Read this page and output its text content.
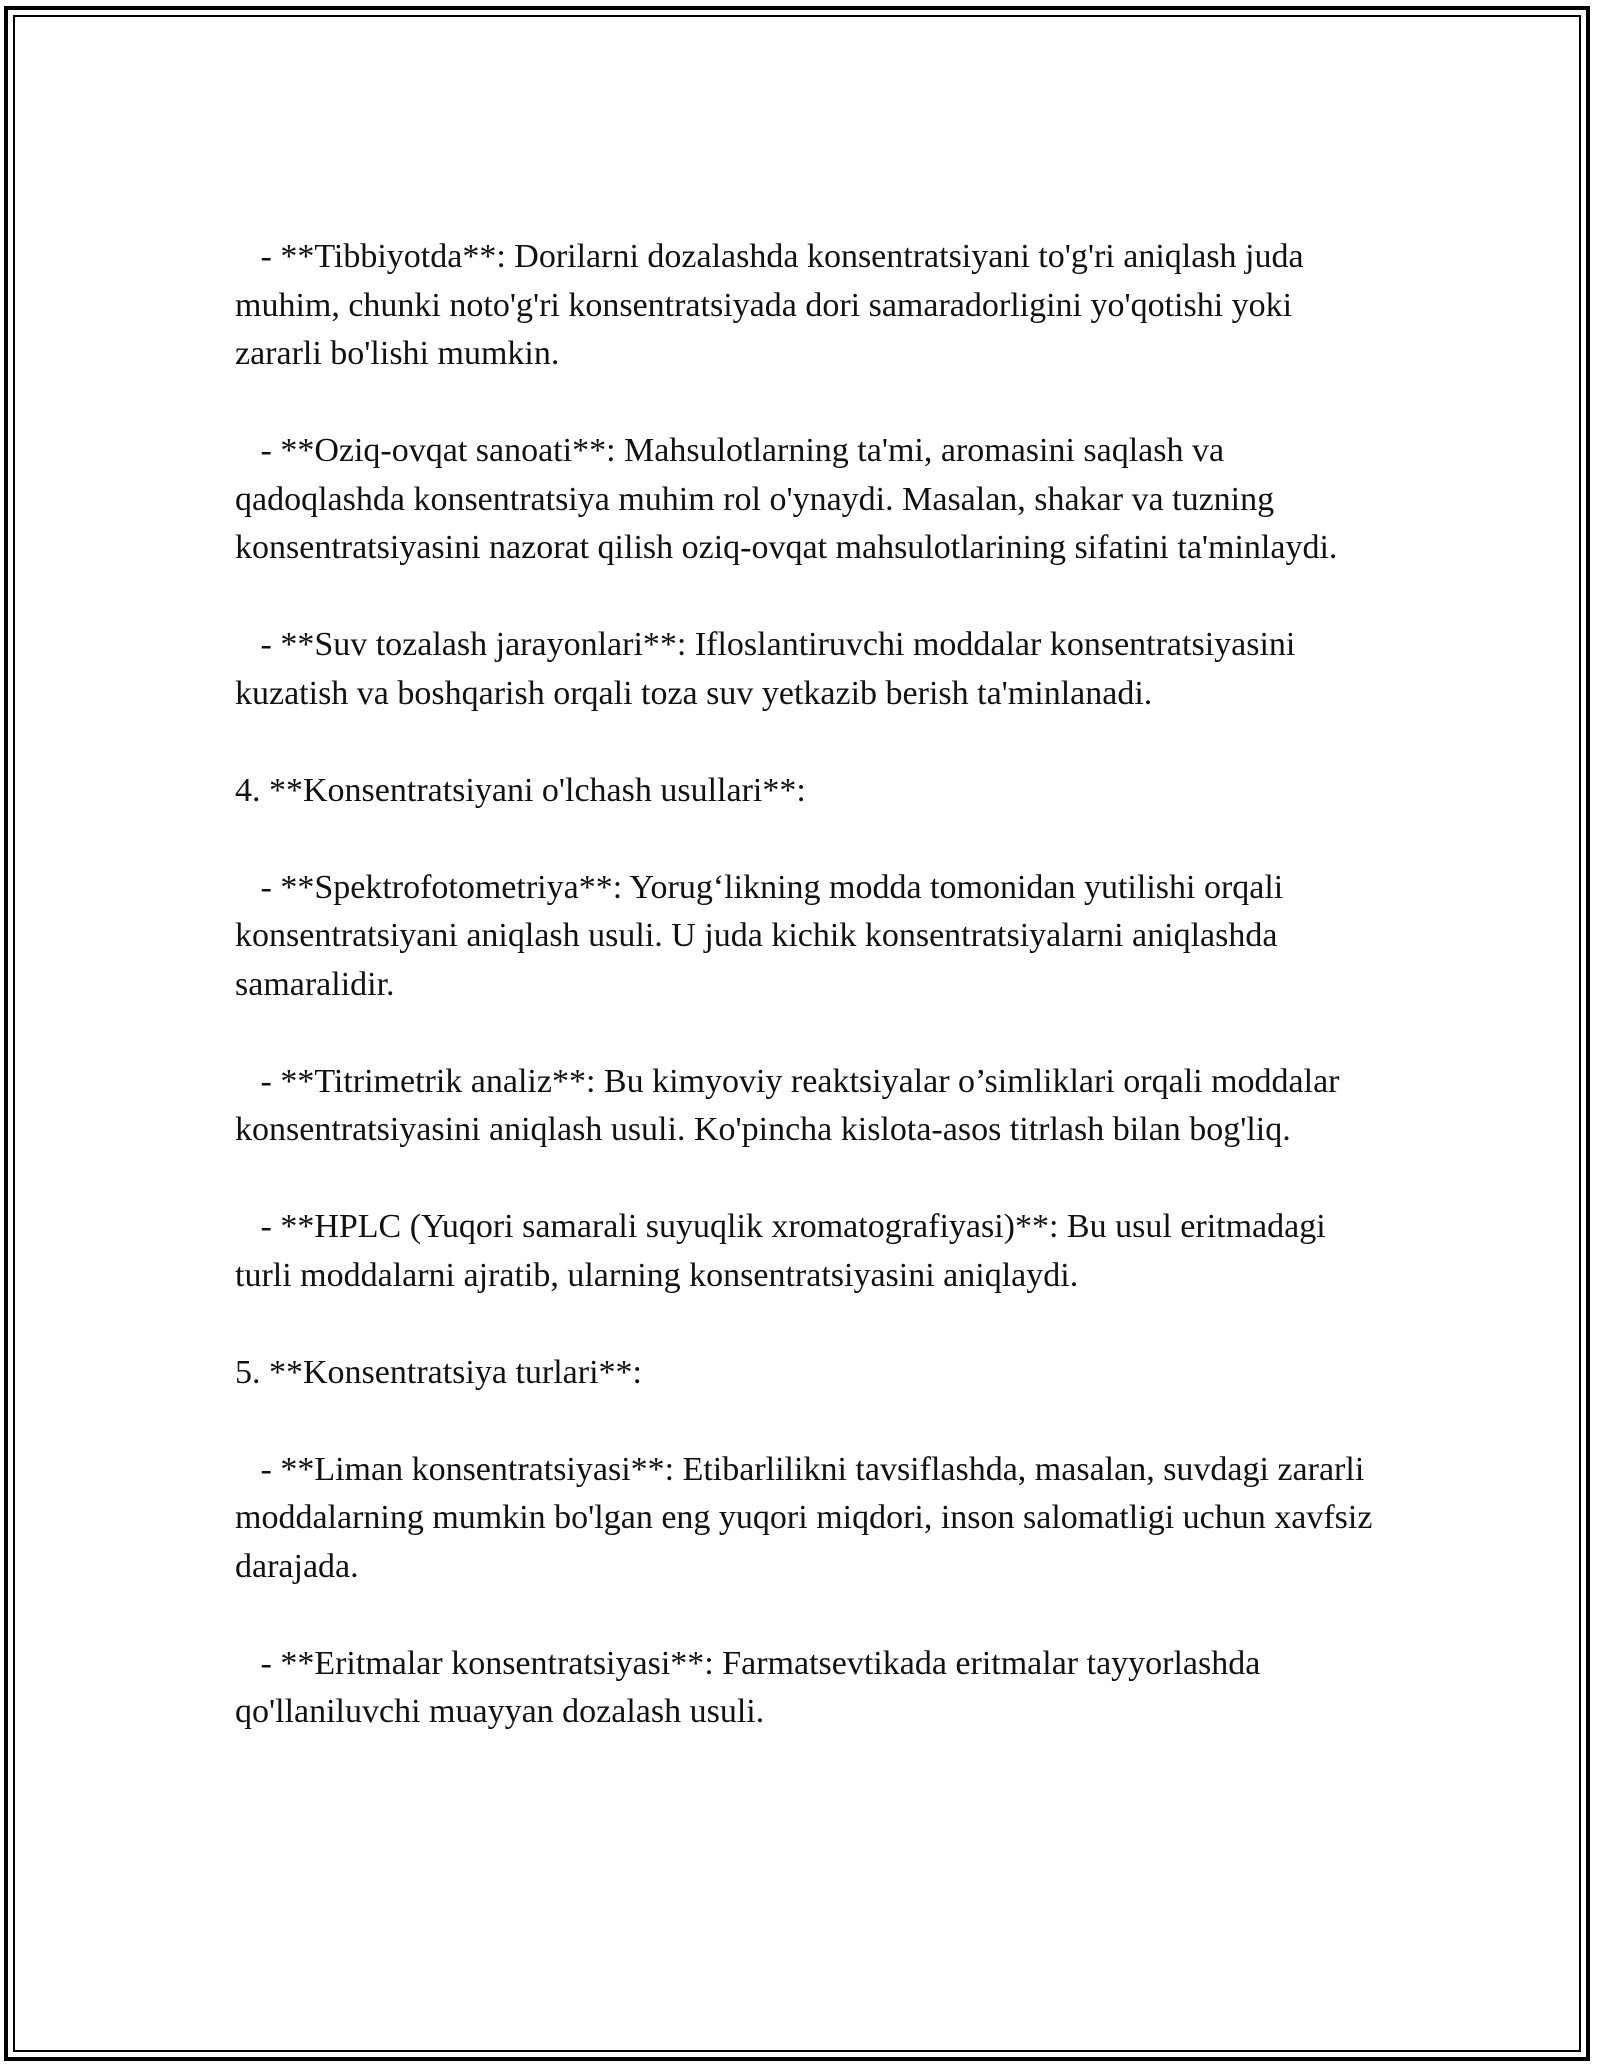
- **Tibbiyotda**: Dorilarni dozalashda konsentratsiyani to'g'ri aniqlash juda muhim, chunki noto'g'ri konsentratsiyada dori samaradorligini yo'qotishi yoki zararli bo'lishi mumkin.

- **Oziq-ovqat sanoati**: Mahsulotlarning ta'mi, aromasini saqlash va qadoqlashda konsentratsiya muhim rol o'ynaydi. Masalan, shakar va tuzning konsentratsiyasini nazorat qilish oziq-ovqat mahsulotlarining sifatini ta'minlaydi.

- **Suv tozalash jarayonlari**: Ifloslantiruvchi moddalar konsentratsiyasini kuzatish va boshqarish orqali toza suv yetkazib berish ta'minlanadi.

4. **Konsentratsiyani o'lchash usullari**:

- **Spektrofotometriya**: Yorug‘likning modda tomonidan yutilishi orqali konsentratsiyani aniqlash usuli. U juda kichik konsentratsiyalarni aniqlashda samaralidir.

- **Titrimetrik analiz**: Bu kimyoviy reaktsiyalar o’simliklari orqali moddalar konsentratsiyasini aniqlash usuli. Ko'pincha kislota-asos titrlash bilan bog'liq.

- **HPLC (Yuqori samarali suyuqlik xromatografiyasi)**: Bu usul eritmadagi turli moddalarni ajratib, ularning konsentratsiyasini aniqlaydi.

5. **Konsentratsiya turlari**:

- **Liman konsentratsiyasi**: Etibarlilikni tavsiflashda, masalan, suvdagi zararli moddalarning mumkin bo'lgan eng yuqori miqdori, inson salomatligi uchun xavfsiz darajada.

- **Eritmalar konsentratsiyasi**: Farmatsevtikada eritmalar tayyorlashda qo'llaniluvchi muayyan dozalash usuli.
